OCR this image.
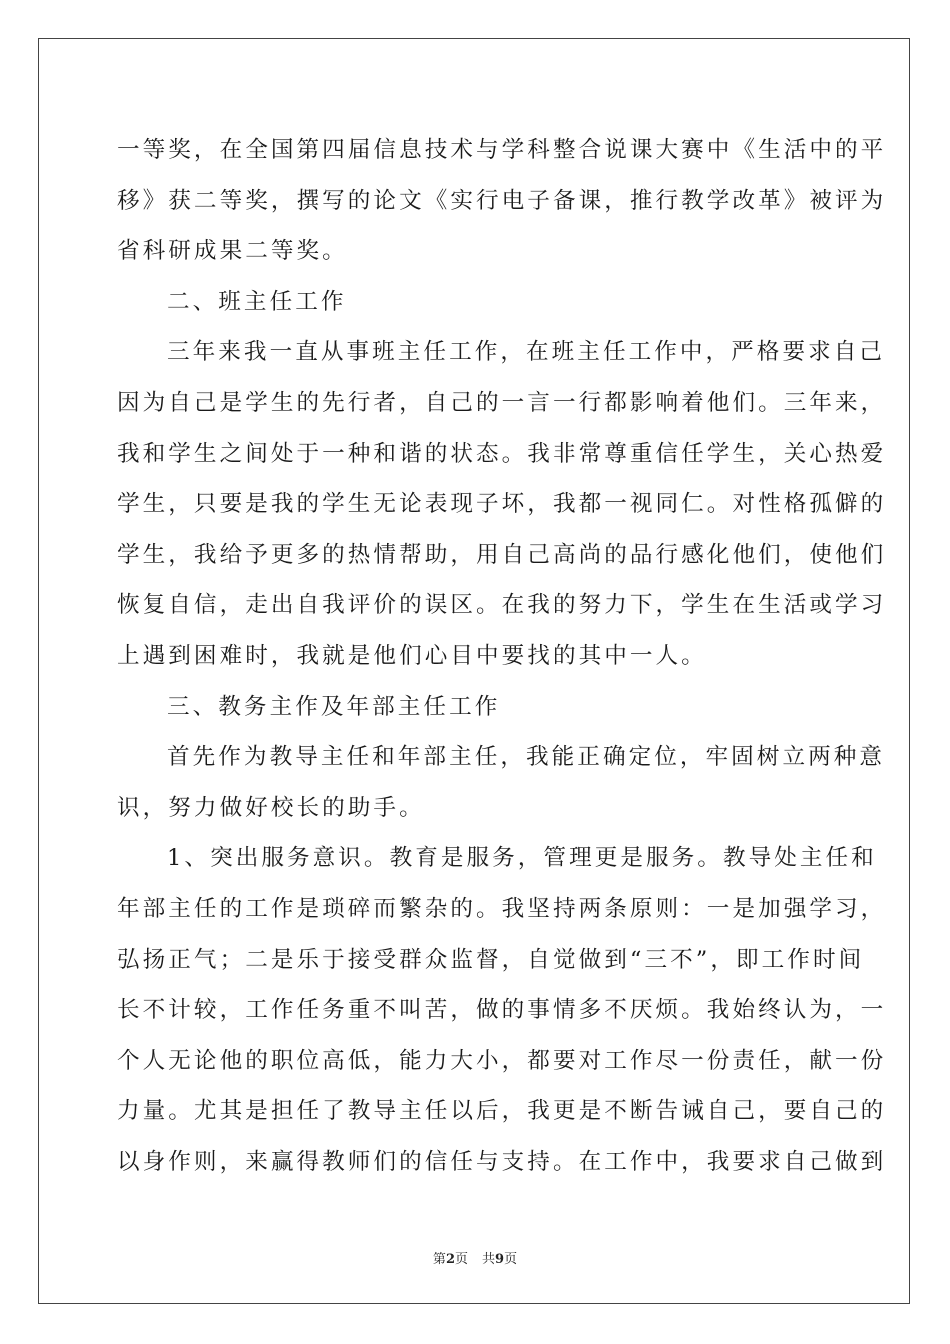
一等奖，在全国第四届信息技术与学科整合说课大赛中《生活中的平
移》获二等奖，撰写的论文《实行电子备课，推行教学改革》被评为
省科研成果二等奖。
二、班主任工作
三年来我一直从事班主任工作，在班主任工作中，严格要求自己
因为自己是学生的先行者，自己的一言一行都影响着他们。三年来，
我和学生之间处于一种和谐的状态。我非常尊重信任学生，关心热爱
学生，只要是我的学生无论表现子坏，我都一视同仁。对性格孤僻的
学生，我给予更多的热情帮助，用自己高尚的品行感化他们，使他们
恢复自信，走出自我评价的误区。在我的努力下，学生在生活或学习
上遇到困难时，我就是他们心目中要找的其中一人。
三、教务主作及年部主任工作
首先作为教导主任和年部主任，我能正确定位，牢固树立两种意
识，努力做好校长的助手。
1、突出服务意识。教育是服务，管理更是服务。教导处主任和
年部主任的工作是琐碎而繁杂的。我坚持两条原则：一是加强学习，
弘扬正气；二是乐于接受群众监督，自觉做到“三不”，即工作时间
长不计较，工作任务重不叫苦，做的事情多不厌烦。我始终认为，一
个人无论他的职位高低，能力大小，都要对工作尽一份责任，献一份
力量。尤其是担任了教导主任以后，我更是不断告诫自己，要自己的
以身作则，来赢得教师们的信任与支持。在工作中，我要求自己做到
第2页 共9页
